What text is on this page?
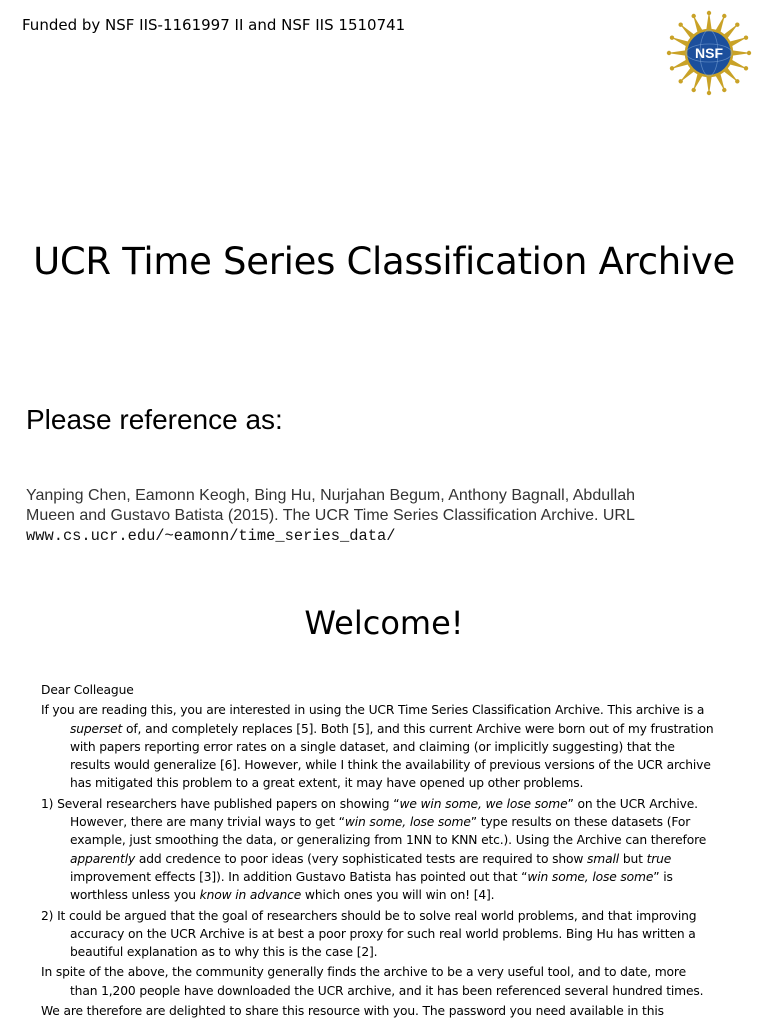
Funded by NSF IIS-1161997 II and NSF IIS 1510741
NSF
UCR Time Series Classification Archive
Please reference as:
Yanping Chen, Eamonn Keogh, Bing Hu, Nurjahan Begum, Anthony Bagnall, Abdullah
Mueen and Gustavo Batista (2015). The UCR Time Series Classification Archive. URL
www.cs.ucr.edu/~eamonn/time_series_data/
Welcome!
Dear Colleague
If you are reading this, you are interested in using the UCR Time Series Classification Archive. This archive is a
superset of, and completely replaces [5]. Both [5], and this current Archive were born out of my frustration
with papers reporting error rates on a single dataset, and claiming (or implicitly suggesting) that the
results would generalize [6]. However, while I think the availability of previous versions of the UCR archive
has mitigated this problem to a great extent, it may have opened up other problems.
1) Several researchers have published papers on showing “we win some, we lose some” on the UCR Archive.
However, there are many trivial ways to get “win some, lose some” type results on these datasets (For
example, just smoothing the data, or generalizing from 1NN to KNN etc.). Using the Archive can therefore
apparently add credence to poor ideas (very sophisticated tests are required to show small but true
improvement effects [3]). In addition Gustavo Batista has pointed out that “win some, lose some” is
worthless unless you know in advance which ones you will win on! [4].
2) It could be argued that the goal of researchers should be to solve real world problems, and that improving
accuracy on the UCR Archive is at best a poor proxy for such real world problems. Bing Hu has written a
beautiful explanation as to why this is the case [2].
In spite of the above, the community generally finds the archive to be a very useful tool, and to date, more
than 1,200 people have downloaded the UCR archive, and it has been referenced several hundred times.
We are therefore are delighted to share this resource with you. The password you need available in this
